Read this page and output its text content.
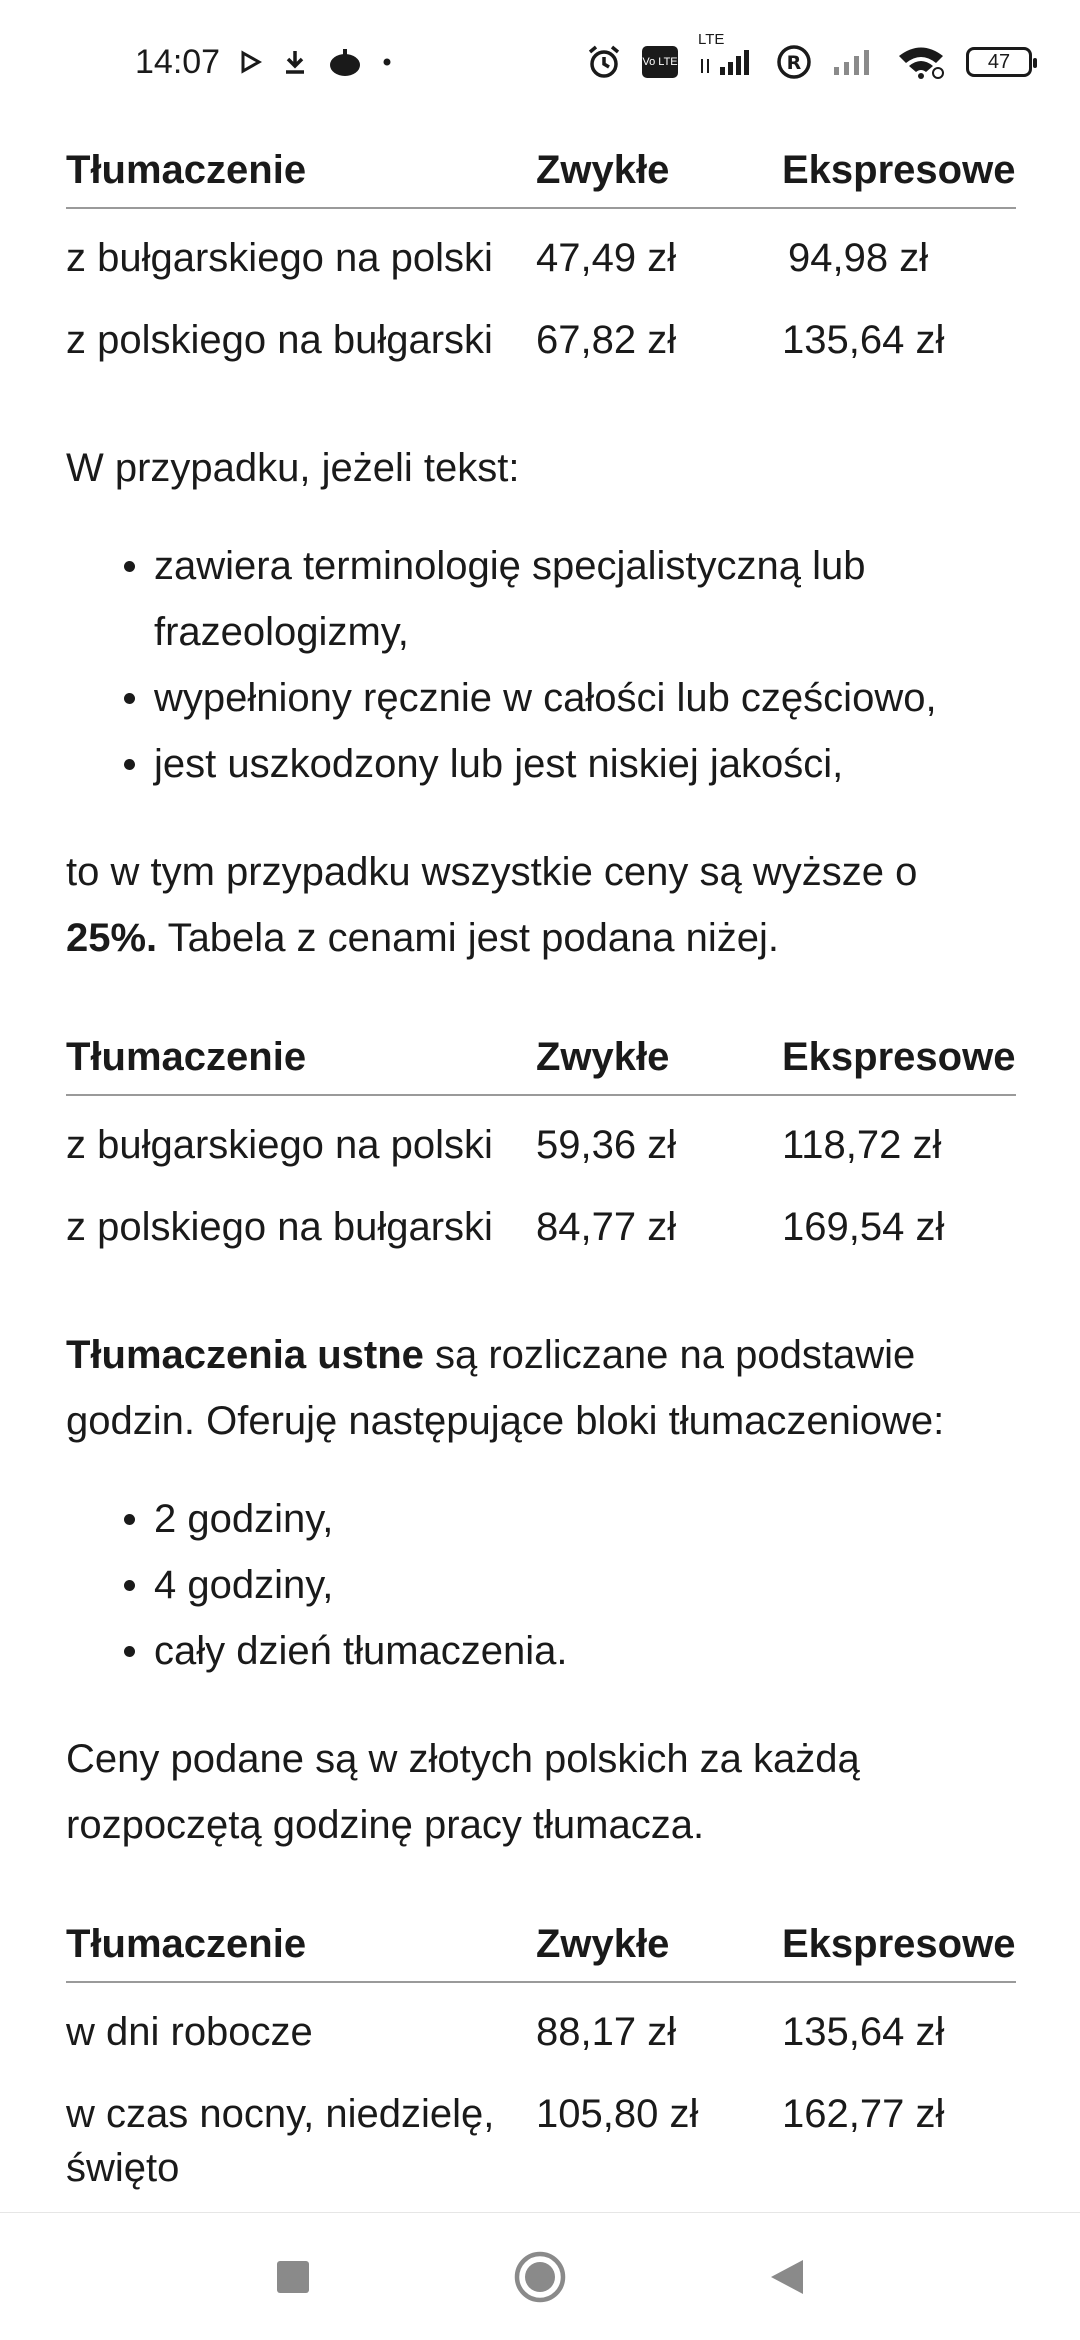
14:07	Vo LTE
LTE
R	47
Tłumaczenie	Zwykłe	Ekspresowe
z bułgarskiego na polski	47,49 zł	94,98 zł
z polskiego na bułgarski	67,82 zł	135,64 zł

W przypadku, jeżeli tekst:

zawiera terminologię specjalistyczną lub frazeologizmy,
wypełniony ręcznie w całości lub częściowo,
jest uszkodzony lub jest niskiej jakości,

to w tym przypadku wszystkie ceny są wyższe o 25%. Tabela z cenami jest podana niżej.

Tłumaczenie	Zwykłe	Ekspresowe
z bułgarskiego na polski	59,36 zł	118,72 zł
z polskiego na bułgarski	84,77 zł	169,54 zł

Tłumaczenia ustne są rozliczane na podstawie godzin. Oferuję następujące bloki tłumaczeniowe:

2 godziny,
4 godziny,
cały dzień tłumaczenia.

Ceny podane są w złotych polskich za każdą rozpoczętą godzinę pracy tłumacza.

Tłumaczenie	Zwykłe	Ekspresowe
w dni robocze	88,17 zł	135,64 zł
w czas nocny, niedzielę, święto	105,80 zł	162,77 zł
